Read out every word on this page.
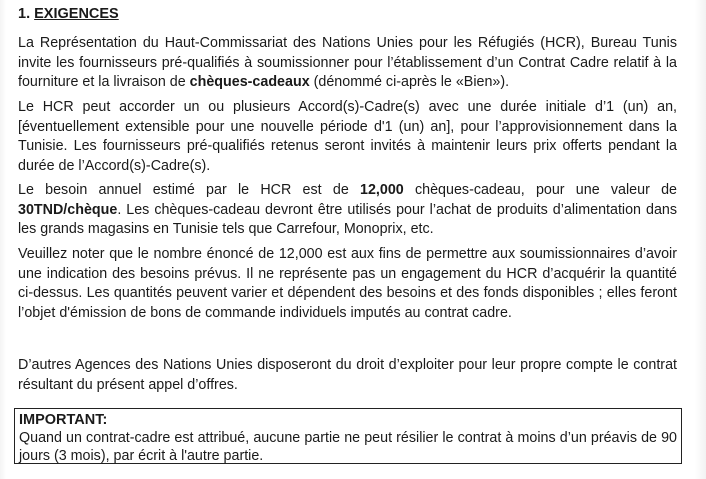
1. EXIGENCES
La Représentation du Haut-Commissariat des Nations Unies pour les Réfugiés (HCR), Bureau Tunis invite les fournisseurs pré-qualifiés à soumissionner pour l’établissement d’un Contrat Cadre relatif à la fourniture et la livraison de chèques-cadeaux (dénommé ci-après le «Bien»).
Le HCR peut accorder un ou plusieurs Accord(s)-Cadre(s) avec une durée initiale d’1 (un) an, [éventuellement extensible pour une nouvelle période d'1 (un) an], pour l’approvisionnement dans la Tunisie. Les fournisseurs pré-qualifiés retenus seront invités à maintenir leurs prix offerts pendant la durée de l’Accord(s)-Cadre(s).
Le besoin annuel estimé par le HCR est de 12,000 chèques-cadeau, pour une valeur de 30TND/chèque. Les chèques-cadeau devront être utilisés pour l’achat de produits d’alimentation dans les grands magasins en Tunisie tels que Carrefour, Monoprix, etc.
Veuillez noter que le nombre énoncé de 12,000 est aux fins de permettre aux soumissionnaires d’avoir une indication des besoins prévus. Il ne représente pas un engagement du HCR d’acquérir la quantité ci-dessus. Les quantités peuvent varier et dépendent des besoins et des fonds disponibles ; elles feront l’objet d'émission de bons de commande individuels imputés au contrat cadre.
D’autres Agences des Nations Unies disposeront du droit d’exploiter pour leur propre compte le contrat résultant du présent appel d’offres.
IMPORTANT:
Quand un contrat-cadre est attribué, aucune partie ne peut résilier le contrat à moins d’un préavis de 90 jours (3 mois), par écrit à l'autre partie.
